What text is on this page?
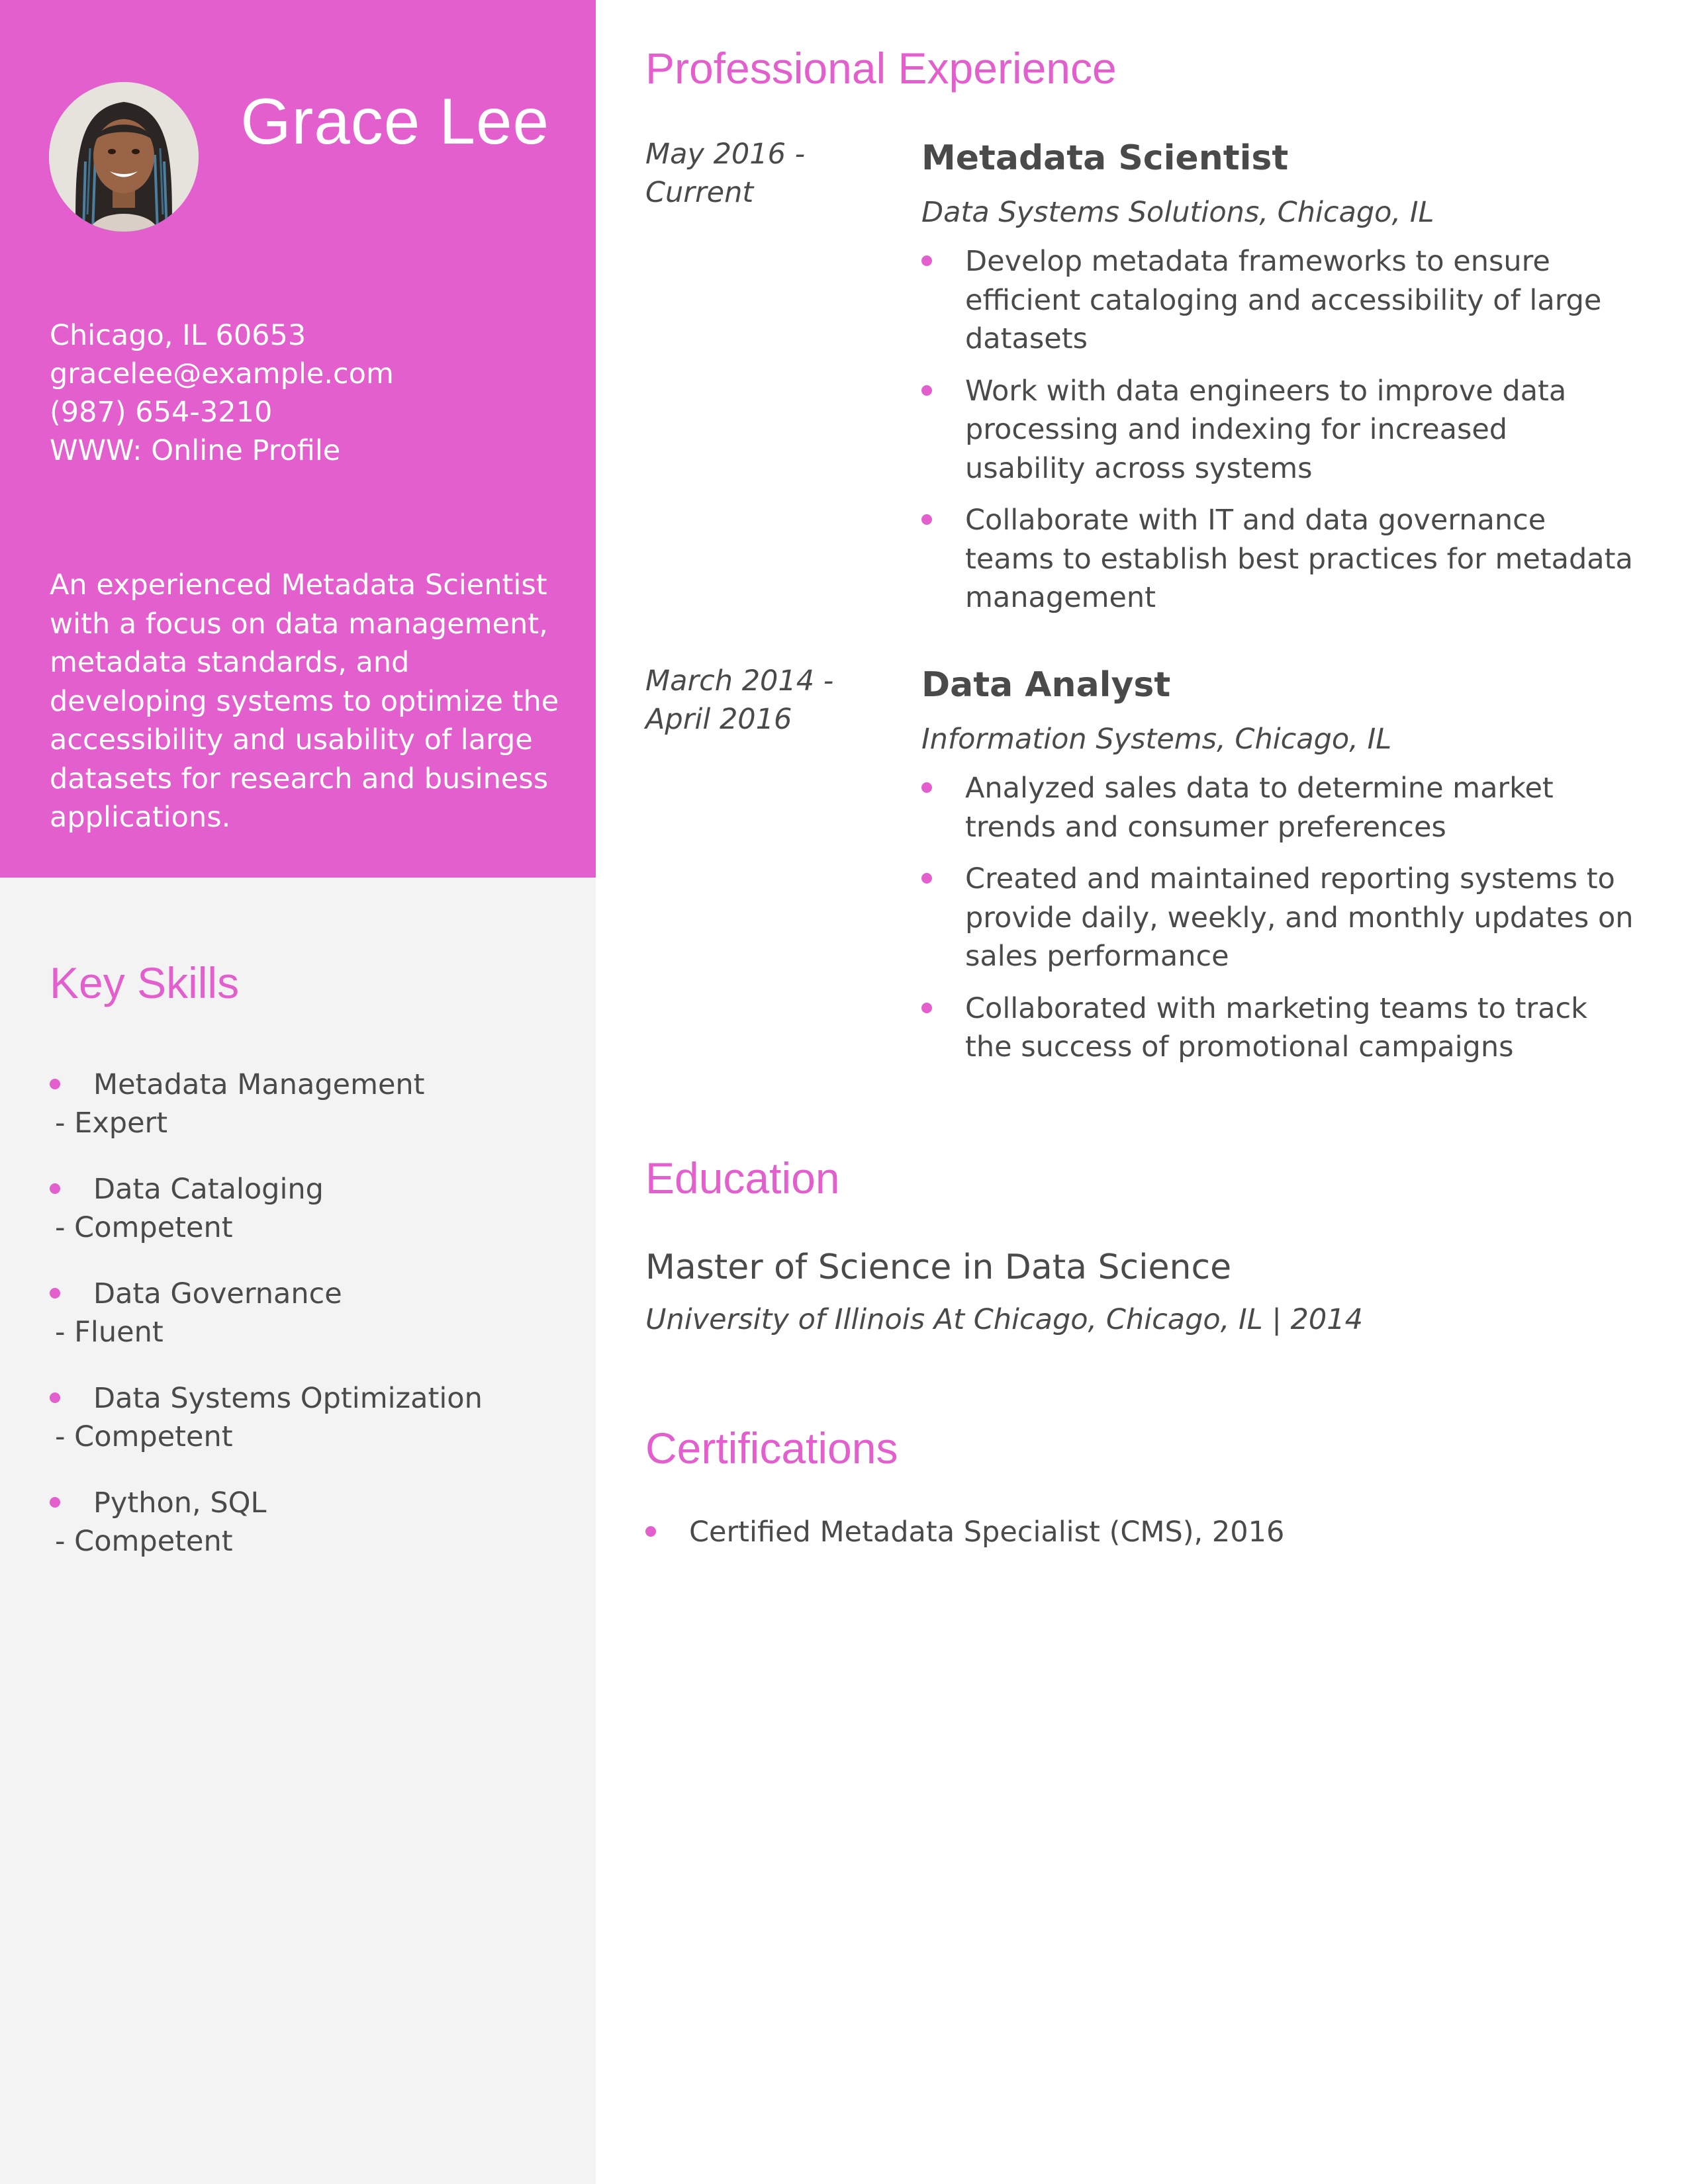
Grace Lee
Chicago, IL 60653
gracelee@example.com
(987) 654-3210
WWW: Online Profile
An experienced Metadata Scientist with a focus on data management, metadata standards, and developing systems to optimize the accessibility and usability of large datasets for research and business applications.
Key Skills
Metadata Management
- Expert
Data Cataloging
- Competent
Data Governance
- Fluent
Data Systems Optimization
- Competent
Python, SQL
- Competent
Professional Experience
May 2016 - Current
Metadata Scientist
Data Systems Solutions, Chicago, IL
Develop metadata frameworks to ensure efficient cataloging and accessibility of large datasets
Work with data engineers to improve data processing and indexing for increased usability across systems
Collaborate with IT and data governance teams to establish best practices for metadata management
March 2014 - April 2016
Data Analyst
Information Systems, Chicago, IL
Analyzed sales data to determine market trends and consumer preferences
Created and maintained reporting systems to provide daily, weekly, and monthly updates on sales performance
Collaborated with marketing teams to track the success of promotional campaigns
Education
Master of Science in Data Science
University of Illinois At Chicago, Chicago, IL | 2014
Certifications
Certified Metadata Specialist (CMS), 2016
